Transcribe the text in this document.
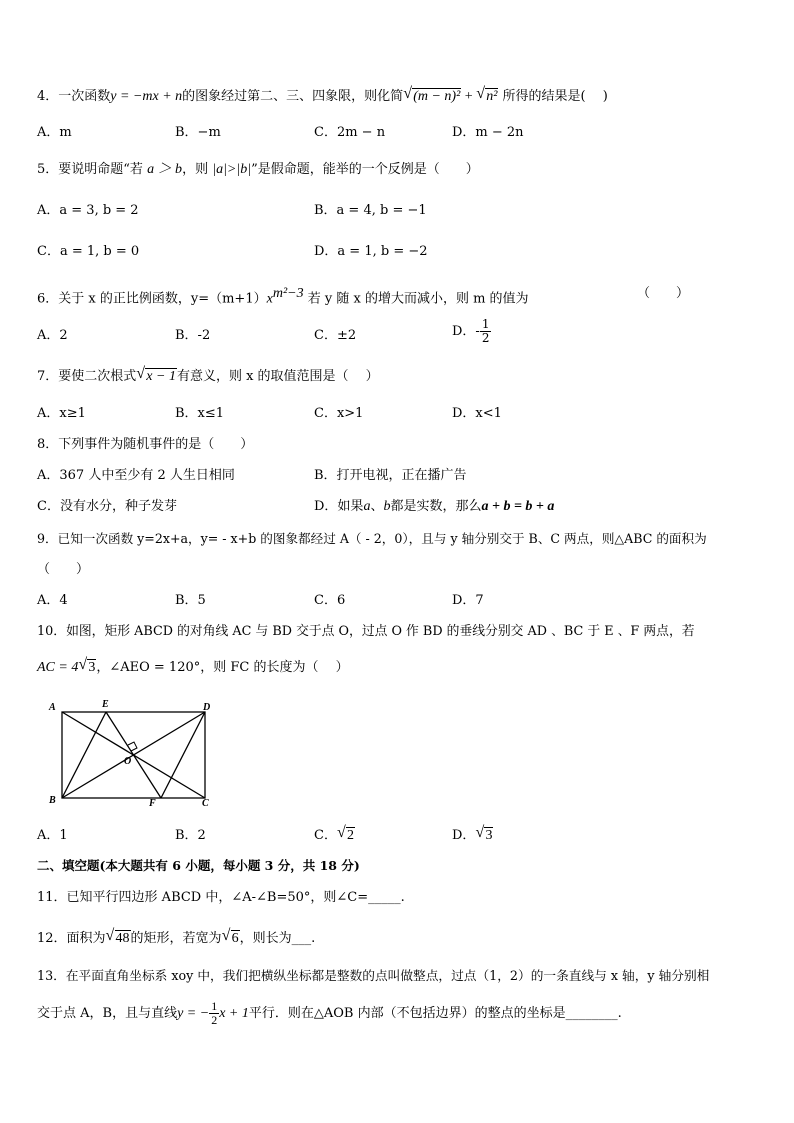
4．一次函数y = −mx + n的图象经过第二、三、四象限，则化简 √ (m − n)² + √ n² 所得的结果是(　 )
A．m	B．−m	C．2m − n	D．m − 2n
5．要说明命题“若 a ＞ b，则 |a|>|b|”是假命题，能举的一个反例是（　　）
A．a = 3, b = 2	B．a = 4, b = −1
C．a = 1, b = 0	D．a = 1, b = −2
6．关于 x 的正比例函数，$y=(m+1)x^{m^2-3}$ 若 y 随 x 的增大而减小，则 m 的值为	（　　）
A．2	B．-2	C．±2	D．- $\frac{1}{2}$
7．要使二次根式 √ x − 1有意义，则 x 的取值范围是（　 ）
A．x≥1	B．x≤1	C．x>1	D．x<1
8．下列事件为随机事件的是（　　）
A．367 人中至少有 2 人生日相同	B．打开电视，正在播广告
C．没有水分，种子发芽	D．如果a、b都是实数，那么a + b = b + a
9．已知一次函数 y=2x+a，y= - x+b 的图象都经过 A（ - 2，0），且与 y 轴分别交于 B、C 两点，则△ABC 的面积为
（　　）
A．4	B．5	C．6	D．7
10．如图，矩形 ABCD 的对角线 AC 与 BD 交于点 O，过点 O 作 BD 的垂线分别交 AD 、BC 于 E 、F 两点，若
AC = 4 √ 3，∠AEO = 120°，则 FC 的长度为（　 ）
A	E	D
O
B	F	C
A．1	B．2	C． √ 2	D． √ 3
二、填空题(本大题共有 6 小题，每小题 3 分，共 18 分)
11．已知平行四边形 ABCD 中，∠A-∠B=50°，则∠C=_____.
12．面积为 √ 48的矩形，若宽为 √ 6，则长为___.
13．在平面直角坐标系 xoy 中，我们把横纵坐标都是整数的点叫做整点，过点（1，2）的一条直线与 x 轴，y 轴分别相
交于点 A，B，且与直线y = − $\frac{1}{2}$ x + 1平行．则在△AOB 内部（不包括边界）的整点的坐标是________.
